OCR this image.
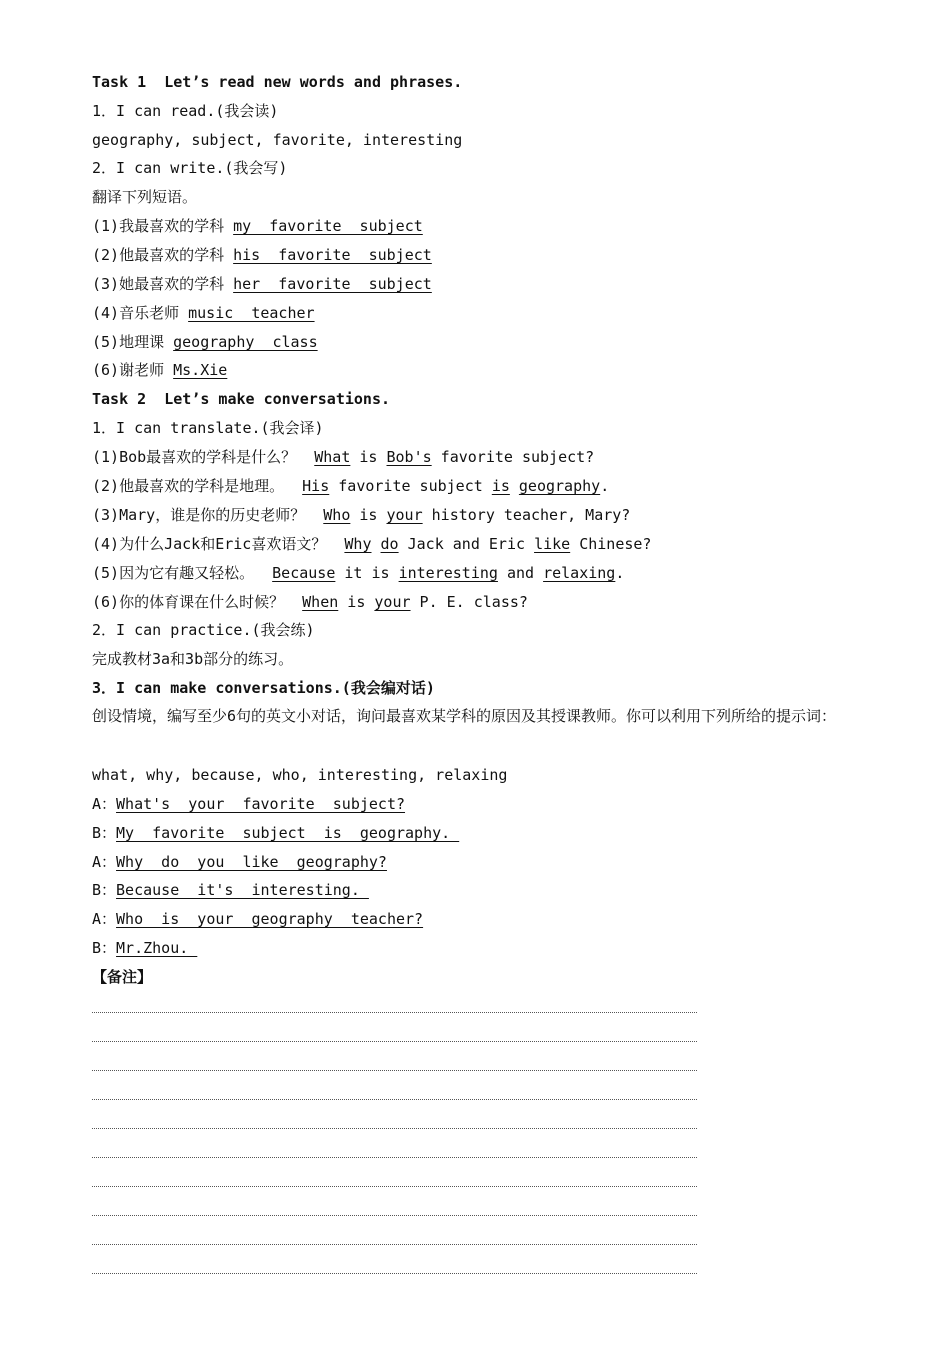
Task 1  Let’s read new words and phrases.
1．I can read.(我会读)
geography, subject, favorite, interesting
2．I can write.(我会写)
翻译下列短语。
(1)我最喜欢的学科 my  favorite  subject
(2)他最喜欢的学科 his  favorite  subject
(3)她最喜欢的学科 her  favorite  subject
(4)音乐老师 music  teacher
(5)地理课 geography  class
(6)谢老师 Ms.Xie
Task 2  Let’s make conversations.
1．I can translate.(我会译)
(1)Bob最喜欢的学科是什么？ What is Bob's favorite subject?
(2)他最喜欢的学科是地理。 His favorite subject is geography.
(3)Mary，谁是你的历史老师？ Who is your history teacher, Mary?
(4)为什么Jack和Eric喜欢语文？ Why do Jack and Eric like Chinese?
(5)因为它有趣又轻松。 Because it is interesting and relaxing.
(6)你的体育课在什么时候？ When is your P. E. class?
2．I can practice.(我会练)
完成教材3a和3b部分的练习。
3．I can make conversations.(我会编对话)
创设情境，编写至少6句的英文小对话，询问最喜欢某学科的原因及其授课教师。你可以利用下列所给的提示词：
what, why, because, who, interesting, relaxing
A：What's  your  favorite  subject?
B：My  favorite  subject  is  geography.
A：Why  do  you  like  geography?
B：Because  it's  interesting.
A：Who  is  your  geography  teacher?
B：Mr.Zhou.
【备注】
